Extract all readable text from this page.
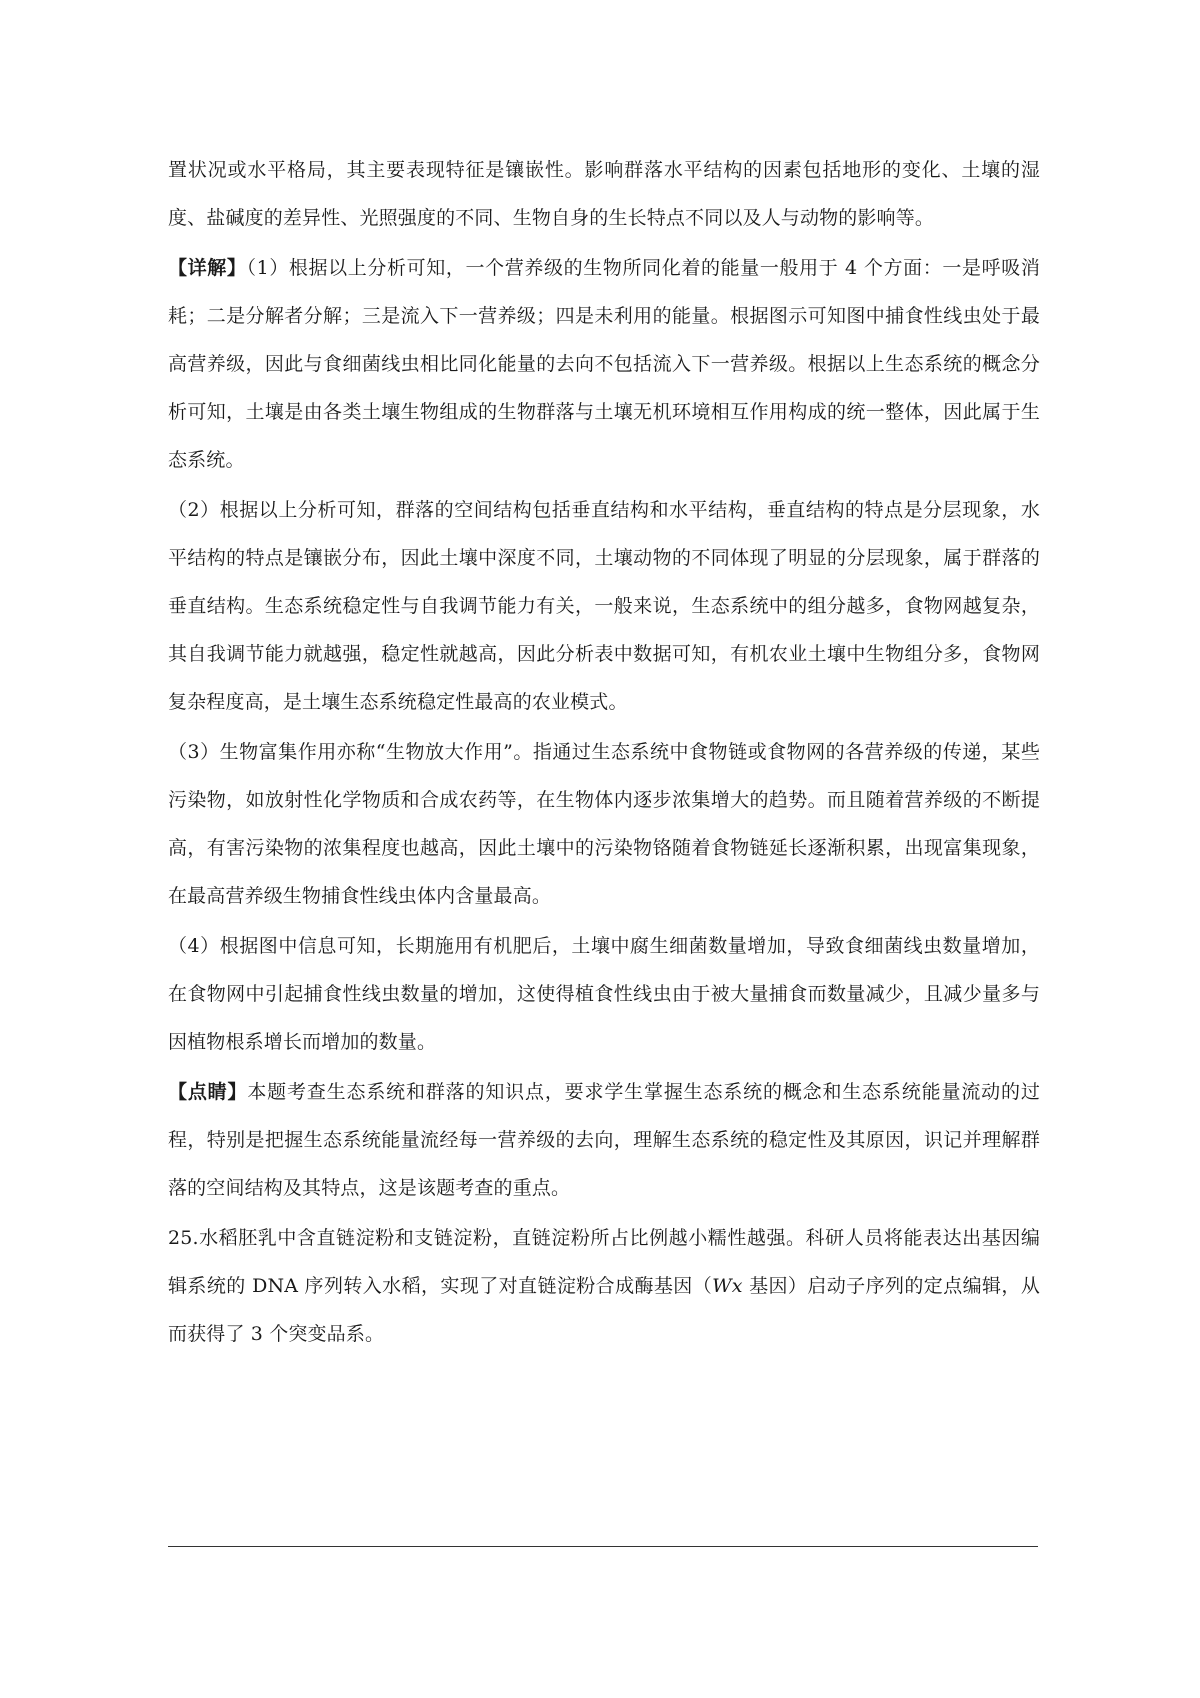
置状况或水平格局，其主要表现特征是镶嵌性。影响群落水平结构的因素包括地形的变化、土壤的湿度、盐碱度的差异性、光照强度的不同、生物自身的生长特点不同以及人与动物的影响等。

【详解】（1）根据以上分析可知，一个营养级的生物所同化着的能量一般用于 4 个方面：一是呼吸消耗；二是分解者分解；三是流入下一营养级；四是未利用的能量。根据图示可知图中捕食性线虫处于最高营养级，因此与食细菌线虫相比同化能量的去向不包括流入下一营养级。根据以上生态系统的概念分析可知，土壤是由各类土壤生物组成的生物群落与土壤无机环境相互作用构成的统一整体，因此属于生态系统。

（2）根据以上分析可知，群落的空间结构包括垂直结构和水平结构，垂直结构的特点是分层现象，水平结构的特点是镶嵌分布，因此土壤中深度不同，土壤动物的不同体现了明显的分层现象，属于群落的垂直结构。生态系统稳定性与自我调节能力有关，一般来说，生态系统中的组分越多，食物网越复杂，其自我调节能力就越强，稳定性就越高，因此分析表中数据可知，有机农业土壤中生物组分多，食物网复杂程度高，是土壤生态系统稳定性最高的农业模式。

（3）生物富集作用亦称“生物放大作用”。指通过生态系统中食物链或食物网的各营养级的传递，某些污染物，如放射性化学物质和合成农药等，在生物体内逐步浓集增大的趋势。而且随着营养级的不断提高，有害污染物的浓集程度也越高，因此土壤中的污染物铬随着食物链延长逐渐积累，出现富集现象，在最高营养级生物捕食性线虫体内含量最高。

（4）根据图中信息可知，长期施用有机肥后，土壤中腐生细菌数量增加，导致食细菌线虫数量增加，在食物网中引起捕食性线虫数量的增加，这使得植食性线虫由于被大量捕食而数量减少，且减少量多与因植物根系增长而增加的数量。

【点睛】本题考查生态系统和群落的知识点，要求学生掌握生态系统的概念和生态系统能量流动的过程，特别是把握生态系统能量流经每一营养级的去向，理解生态系统的稳定性及其原因，识记并理解群落的空间结构及其特点，这是该题考查的重点。

25.水稻胚乳中含直链淀粉和支链淀粉，直链淀粉所占比例越小糯性越强。科研人员将能表达出基因编辑系统的 DNA 序列转入水稻，实现了对直链淀粉合成酶基因（Wx 基因）启动子序列的定点编辑，从而获得了 3 个突变品系。
